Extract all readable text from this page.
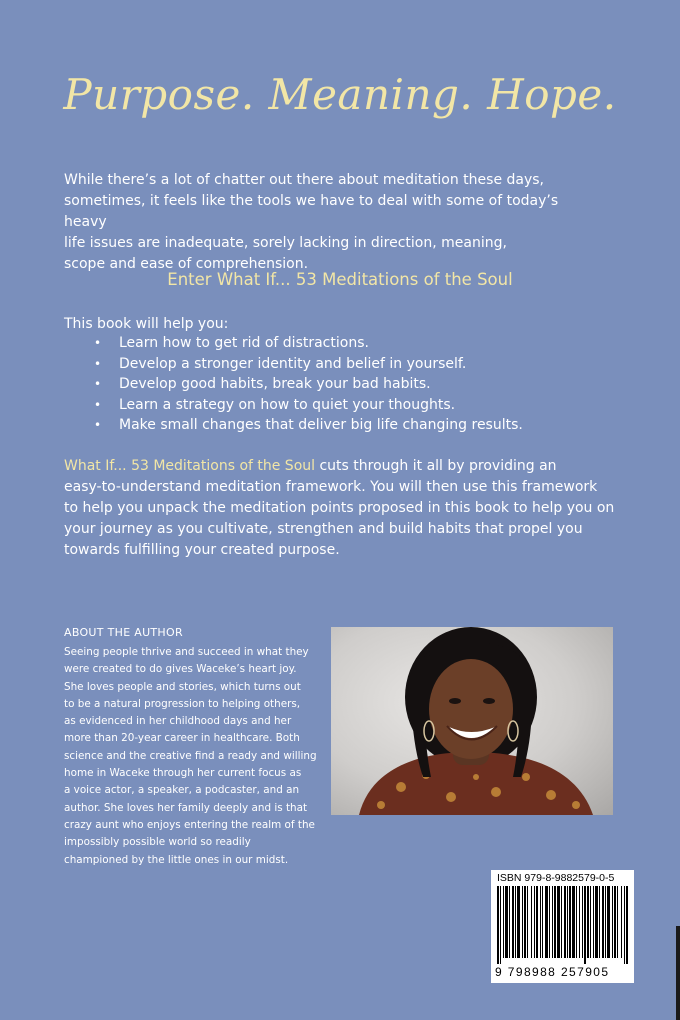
Purpose. Meaning. Hope.
While there’s a lot of chatter out there about meditation these days,
sometimes, it feels like the tools we have to deal with some of today’s heavy
life issues are inadequate, sorely lacking in direction, meaning,
scope and ease of comprehension.
Enter What If... 53 Meditations of the Soul
This book will help you:
• Learn how to get rid of distractions.
• Develop a stronger identity and belief in yourself.
• Develop good habits, break your bad habits.
• Learn a strategy on how to quiet your thoughts.
• Make small changes that deliver big life changing results.
What If... 53 Meditations of the Soul cuts through it all by providing an
easy-to-understand meditation framework. You will then use this framework
to help you unpack the meditation points proposed in this book to help you on
your journey as you cultivate, strengthen and build habits that propel you
towards fulfilling your created purpose.
ABOUT THE AUTHOR
Seeing people thrive and succeed in what they
were created to do gives Waceke’s heart joy.
She loves people and stories, which turns out
to be a natural progression to helping others,
as evidenced in her childhood days and her
more than 20-year career in healthcare. Both
science and the creative find a ready and willing
home in Waceke through her current focus as
a voice actor, a speaker, a podcaster, and an
author. She loves her family deeply and is that
crazy aunt who enjoys entering the realm of the
impossibly possible world so readily
championed by the little ones in our midst.
ISBN 979-8-9882579-0-5
9 798988 257905
